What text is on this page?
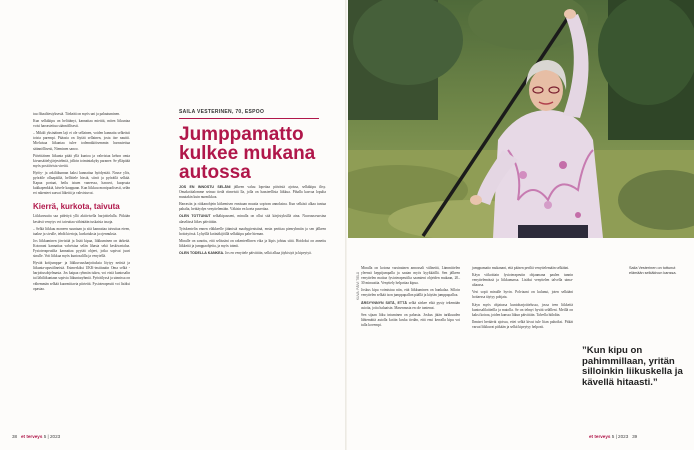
tuu fibaalitestyksestä. Tärkeää on myös uni ja palautuminen.

Kun selkäkipu on helittänyt, kannattaa miettiä, miten liikuntaa voisi harrastettua säännöllisesti.

– Mikäli yksinäinen laji ei ole sellainen, voiden kannatta selkeästi toista parempi. Pääasia on löytää sellainen, josta itse nauttii. Mieluisaa liikuntaa tulee todennäköisemmin harrastettua säännöllisesti, Nieminen sanoo.

Päivittäinen liikunta pitää yllä kuntoa ja vahvistaa kehon omia kivunsäätelyjärjestelmiä, jolloin toimintakyky paranee. Se ylläpitää myös positiivista vireitä.

Hyöty- ja arkiliikunnan kaksi kannattaa hyödyntää. Nouse ylös, pyöräile ollaapäiliä, hellittele hissiä, siirrä ja pyöräilä selkää. Kapua portaat, heilu istuen vaneessa, haravoi, kuopsuta kukkapenkkiä, kävele kauppaan. Kun liikkuu monipuolisesti, selän eri rakenteet saavat liikettä ja vahvistuvat.

Kierrä, kurkota, taivuta

Liikkuvuutta saa pidettyä yllä aktiivisella harjoittelulla. Pitkään kestävä venytys voi taivuttaa vähintään tuskaisia tasoja.

– Selkä liikkuu moneen suuntaan ja sitä kannattaa taivuttaa eteen, taakse ja sivulle, tehdä kiertoja, kurkotuksia ja ojennuksia.

Jos liikkuminen järvistää ja lisää kipua, liikkuminen on tärkeää. Kotonani kannattaa vahvistaa selän lihasta sekä keskivartaloa. Fysioterapeutilta kannattaa pyytää ohjeet, jotka sopivat juuri sinulle. Voit liikkua myös kuntosalilla ja venytellä.

Hyvää kotijumppa- ja liikkuvuusharjoituksia löytyy netistä ja liikunta-apuvälineistä. Esimerkiksi UKK-instituutin Oma selkä -harjoitusohjelmasta. Jos kaipaa ryhmän tukea, voi etsiä kuntosalin tai lähiliikuntaan sopivia liikuntaryhmiä. Pyöräilyssä ja uinnissa on vähemmän selkää kuormittavia piirteitä. Fysioterapeutti voi lisäksi opastaa.

SAILA VESTERINEN, 70, ESPOO
Jumppamatto kulkee mukana autossa

JOS EN INNOSTU SELÄNI jälkeen valuu lopettaa päivästä ajoissa, selkäkipu iltsy. Omakotitalomme seinuo tiedä riimeistä lla, jolla on haasteellista liikkua. Pihalla kasvaa lopulta muutakin kuin nurmikkoa.

Harrastin ja riitkanohjein kitkemisen ennisaan muutta sopivan annoksina. Kun selkäsä alkaa tuntua pahalta, heittäydyn venyttelemään. Väkisin en koeta puserttaa.

OLEN TOTTUNUT selkäkipuuseni, minulla on ollut sitä kärjistyksillä aina. Nuoruusvuosina alaselässä liikes päivittäin.

Työskentelin ennen eläkkeelle jäämistä maahygienistinä, ensin perittaa pienryhmiin ja sen jälkeen hoitotyössä. Lyhyillä kotinäkijöillä selkäkipu pahe hieman.

Minulle on sanottu, että selässäni on rakenteellinen vika ja liipis johtuu siitä. Hoidoksi on annettu liikkeitä ja jumppaohjeita, ja myös toimii.

OLEN TODELLA KANKEA. Jos en venyttele päivittäin, selkä alkaa jäykistyä ja kipeytyä.

38 et terveys 5 | 2023
KUVA: PÄIVI TIELÄ

Minulla on kotona varsinainen annossali välineitä, Lämmittelen yleensä keppijumpalla ja saatan myös kyykkäillä. Sen jälkeen venyttelen mattoa fysioterapeutilta saamieni ohjeiden mukaan, 20–30 minuuttia. Venyttely helpottaa kipua.

Joskus kipu voimistuu niin, että liikkuminen on hankalaa. Silloin venyttelen selkää ison jumppapallon päällä ja käytän jumppapalloa.

ÄRSYYNNYN SIITÄ, ETTÄ selkä särkee eikä pysty tekemään asioita, joita haluaisin. Masennusta en ole tuntenut.

Sen sijaan liiku intuminen on pahasta. Joskus jätän tarkkuuden lähtemättä autolla kotiin koska tiedän, että ensi kerralla kipu voi tulla kovempi.

jumppamatto mukanani, että pääsen periltä venyttelemään selkääni.

Käyn viikoittain fysioterapeutin ohjaamana paulen tunnin venyttelemässä ja liikkumassa. Lisäksi venyttelen talvella uima-altaassa.

Vesi sopii minulle hyvin. Polviaani on kulunut, joten selkääni hoitaessa täytyy pohjata.

Käyn myös ohjatussa kuntoharjoittelussa, jossa teen liikkeitä kuntosalilaitteilla ja matolla. Se on tehnyt hyvää selälleni. Meillä on kaksi koiraa, joiden kanssa liikun päivittäin. Talvella hiihdän.

Ihmiset heräävät ajoissa, ettei selkä kivut tule liian pahoiksi. Pitkät varsat liikkuvat pitkään ja selkä kipeytyy helposti.

Saila Vesterinen on tottunut elämään selkäkivun kanssa.
”Kun kipu on pahimmillaan, yritän silloinkin liikuskella ja kävellä hitaasti.”
et terveys 5 | 2023 39
